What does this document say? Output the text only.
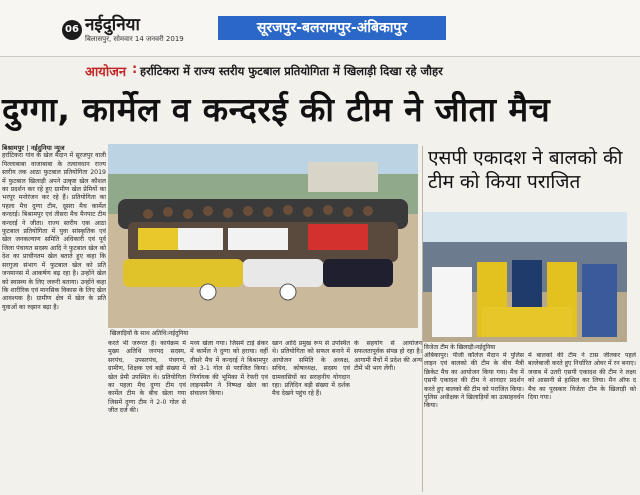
06 नईदुनिया
बिलासपुर, सोमवार 14 जनवरी 2019
सूरजपुर-बलरामपुर-अंबिकापुर
आयोजन : हर्राटिकरा में राज्य स्तरीय फुटबाल प्रतियोगिता में खिलाड़ी दिखा रहे जौहर
दुग्गा, कार्मेल व कन्दरई की टीम ने जीता मैच
बिश्रामपुर | नईदुनिया न्यूज
हर्राटिकरा गांव के खेल मैदान में सूरजपुर वाली पिल्लाबाबा वाजाबाबा के तत्वावधान राज्य स्तरीय तक आठा फुटबाल प्रतियोगिता 2019 में फुटबाल खिलाड़ी अपने उत्कृष्ट खेल कौशल का प्रदर्शन कर रहे हुए ग्रामीण खेल प्रेमियों का भरपूर मनोरंजन कर रहे हैं। प्रतियोगिता का पहला मैच दुग्गा टीम, दूसरा मैच कार्मेल कन्दरई। बिश्रामपुर एवं तीसरा मैच मैनपाट टीम कन्दरई ने जीता। राज्य स्तरीय एक आठा फुटबाल प्रतियोगिता में युवा सांस्कृतिक एवं खेल जनकल्याण समिति अधिकारी एवं पूर्व जिला पंचायत सदस्य आदि ने फुटबाल खेल को देश का प्राचीनतम खेल बताते हुए कहा कि सरगुजा संभाग में फुटबाल खेल को प्रति जनमानस में आकर्षण बढ़ रहा है। उन्होंने खेल को स्वास्थ्य के लिए जरूरी बताया। उन्होंने कहा कि शारीरिक एवं मानसिक विकास के लिए खेल आवश्यक है। ग्रामीण क्षेत्र में खेल के प्रति युवाओं का रुझान बढ़ा है।
खिलाड़ियों के साथ अतिथि।नईदुनिया
एसपी एकादश ने बालको की टीम को किया पराजित
विजेता टीम के खिलाड़ी।नईदुनिया
करते भी जरूरत है। कार्यक्रम में मुख्य अतिथि जनपद सदस्य, सरपंच, उपसरपंच, पंचगण, ग्रामीण, शिक्षक एवं बड़ी संख्या में खेल प्रेमी उपस्थित थे। प्रतियोगिता का पहला मैच दुग्गा टीम एवं कार्मेल टीम के बीच खेला गया जिसमें दुग्गा टीम ने 2-0 गोल से जीत दर्ज की।
मध्य खेला गया। जिसमें टाई ब्रेकर में कार्मेल ने दुग्गा को हराया। वहीं तीसरे मैच में कन्दरई ने बिश्रामपुर को 3-1 गोल से पराजित किया। निर्णायक की भूमिका में रेफरी एवं लाइन्समैन ने निष्पक्ष खेल का संचालन किया।
खान आदि प्रमुख रूप से उपस्थित थे। प्रतियोगिता को सफल बनाने में आयोजन समिति के अध्यक्ष, सचिव, कोषाध्यक्ष, सदस्य एवं ग्रामवासियों का सराहनीय योगदान रहा। प्रतिदिन बड़ी संख्या में दर्शक मैच देखने पहुंच रहे हैं।
के सहयोग से आयोजन सफलतापूर्वक संपन्न हो रहा है। आगामी मैचों में प्रदेश की अन्य टीमें भी भाग लेंगी।
अंबिकापुर। पीजी कॉलेज मैदान में पुलिस लाइन एवं बालको की टीम के बीच मैत्री क्रिकेट मैच का आयोजन किया गया। मैच में एसपी एकादश की टीम ने शानदार प्रदर्शन करते हुए बालको की टीम को पराजित किया। पुलिस अधीक्षक ने खिलाड़ियों का उत्साहवर्धन किया।
में बालको की टीम ने टास जीतकर पहले बल्लेबाजी करते हुए निर्धारित ओवर में रन बनाए। जवाब में उतरी एसपी एकादश की टीम ने लक्ष्य को आसानी से हासिल कर लिया। मैन ऑफ द मैच का पुरस्कार विजेता टीम के खिलाड़ी को दिया गया।
